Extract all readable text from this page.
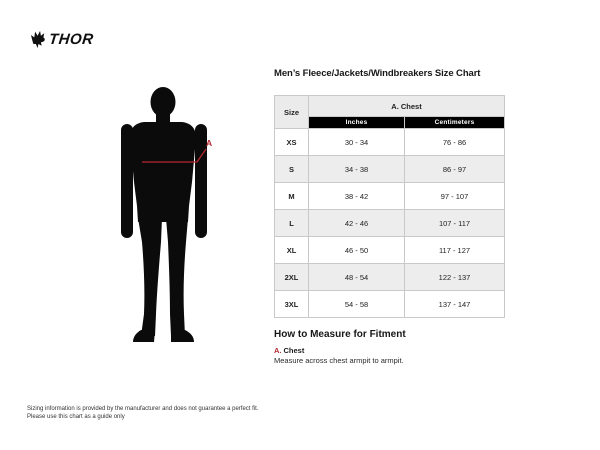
THOR
A
Men’s Fleece/Jackets/Windbreakers Size Chart
Size	A. Chest	
	Inches	Centimeters
XS	30 - 34	76 - 86
S	34 - 38	86 - 97
M	38 - 42	97 - 107
L	42 - 46	107 - 117
XL	46 - 50	117 - 127
2XL	48 - 54	122 - 137
3XL	54 - 58	137 - 147
How to Measure for Fitment
A. Chest
Measure across chest armpit to armpit.
Sizing information is provided by the manufacturer and does not guarantee a perfect fit.
Please use this chart as a guide only
